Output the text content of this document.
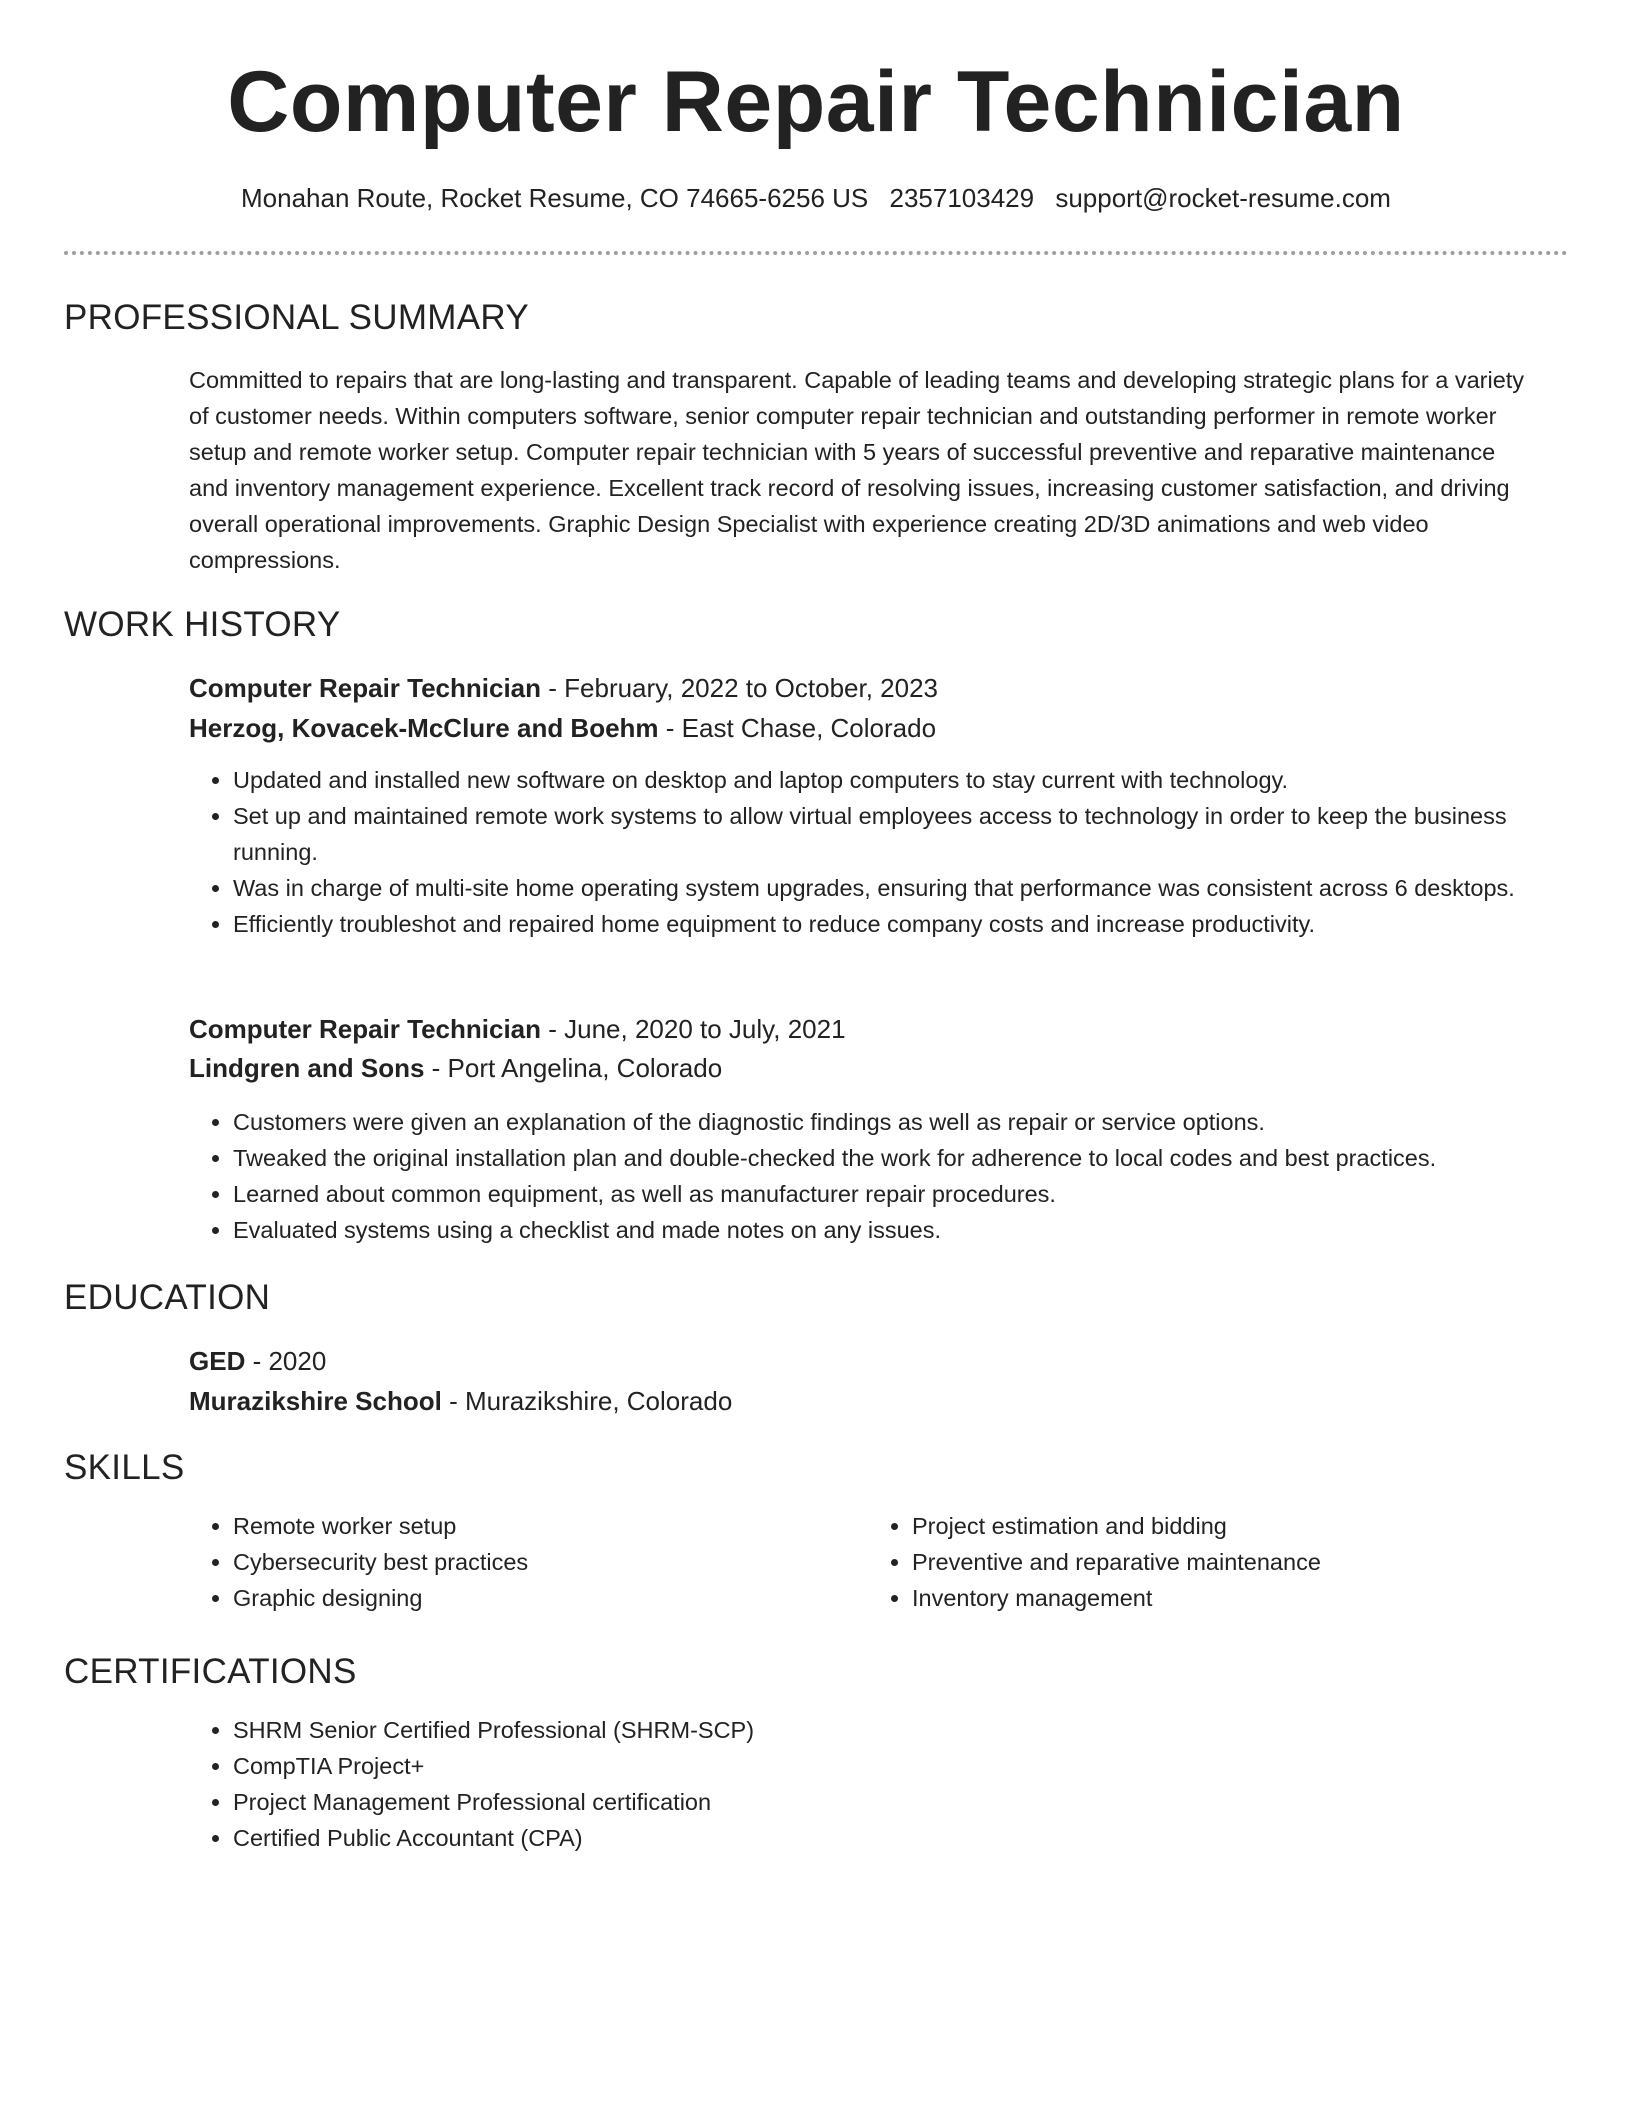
Computer Repair Technician
Monahan Route, Rocket Resume, CO 74665-6256 US 2357103429 support@rocket-resume.com
PROFESSIONAL SUMMARY
Committed to repairs that are long-lasting and transparent. Capable of leading teams and developing strategic plans for a variety of customer needs. Within computers software, senior computer repair technician and outstanding performer in remote worker setup and remote worker setup. Computer repair technician with 5 years of successful preventive and reparative maintenance and inventory management experience. Excellent track record of resolving issues, increasing customer satisfaction, and driving overall operational improvements. Graphic Design Specialist with experience creating 2D/3D animations and web video compressions.
WORK HISTORY
Computer Repair Technician - February, 2022 to October, 2023
Herzog, Kovacek-McClure and Boehm - East Chase, Colorado
• Updated and installed new software on desktop and laptop computers to stay current with technology.
• Set up and maintained remote work systems to allow virtual employees access to technology in order to keep the business running.
• Was in charge of multi-site home operating system upgrades, ensuring that performance was consistent across 6 desktops.
• Efficiently troubleshot and repaired home equipment to reduce company costs and increase productivity.
Computer Repair Technician - June, 2020 to July, 2021
Lindgren and Sons - Port Angelina, Colorado
• Customers were given an explanation of the diagnostic findings as well as repair or service options.
• Tweaked the original installation plan and double-checked the work for adherence to local codes and best practices.
• Learned about common equipment, as well as manufacturer repair procedures.
• Evaluated systems using a checklist and made notes on any issues.
EDUCATION
GED - 2020
Murazikshire School - Murazikshire, Colorado
SKILLS
• Remote worker setup
• Cybersecurity best practices
• Graphic designing
• Project estimation and bidding
• Preventive and reparative maintenance
• Inventory management
CERTIFICATIONS
• SHRM Senior Certified Professional (SHRM-SCP)
• CompTIA Project+
• Project Management Professional certification
• Certified Public Accountant (CPA)
